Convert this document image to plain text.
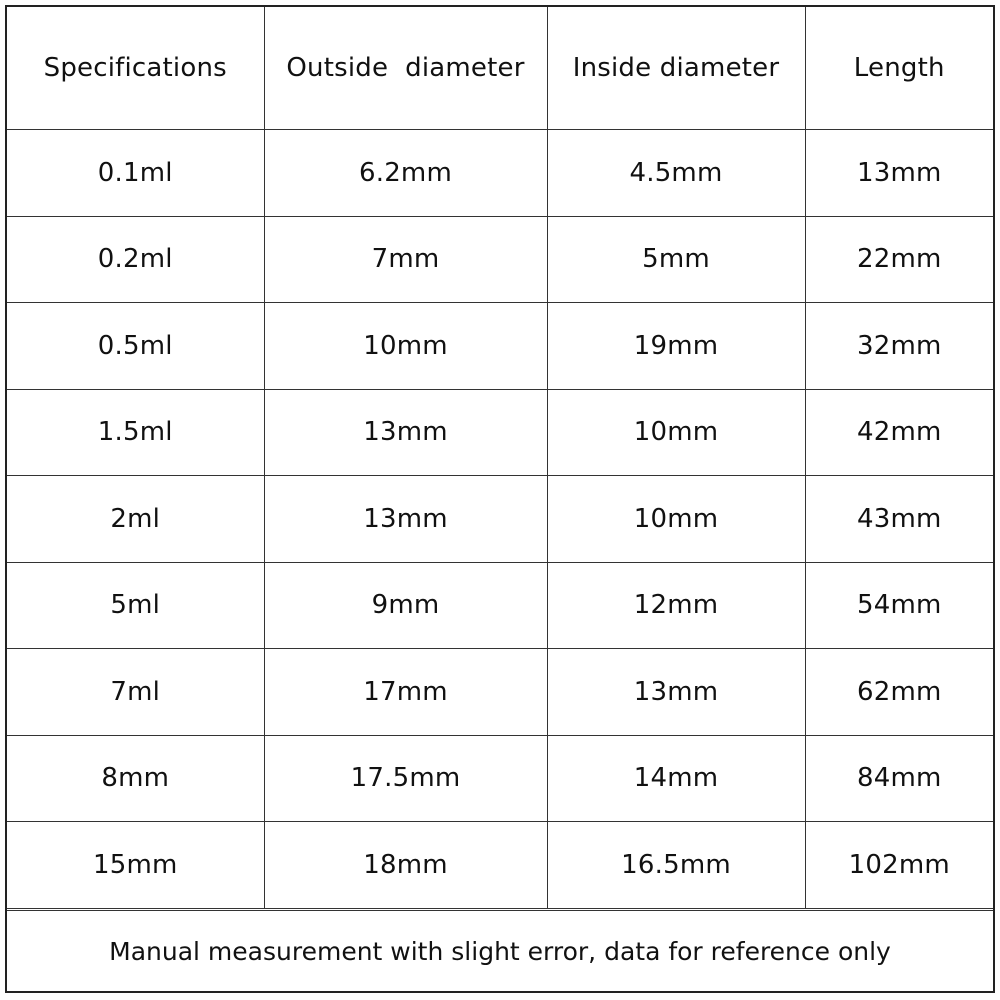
Specifications	Outside  diameter	Inside diameter	Length
0.1ml	6.2mm	4.5mm	13mm
0.2ml	7mm	5mm	22mm
0.5ml	10mm	19mm	32mm
1.5ml	13mm	10mm	42mm
2ml	13mm	10mm	43mm
5ml	9mm	12mm	54mm
7ml	17mm	13mm	62mm
8mm	17.5mm	14mm	84mm
15mm	18mm	16.5mm	102mm
Manual measurement with slight error, data for reference only
